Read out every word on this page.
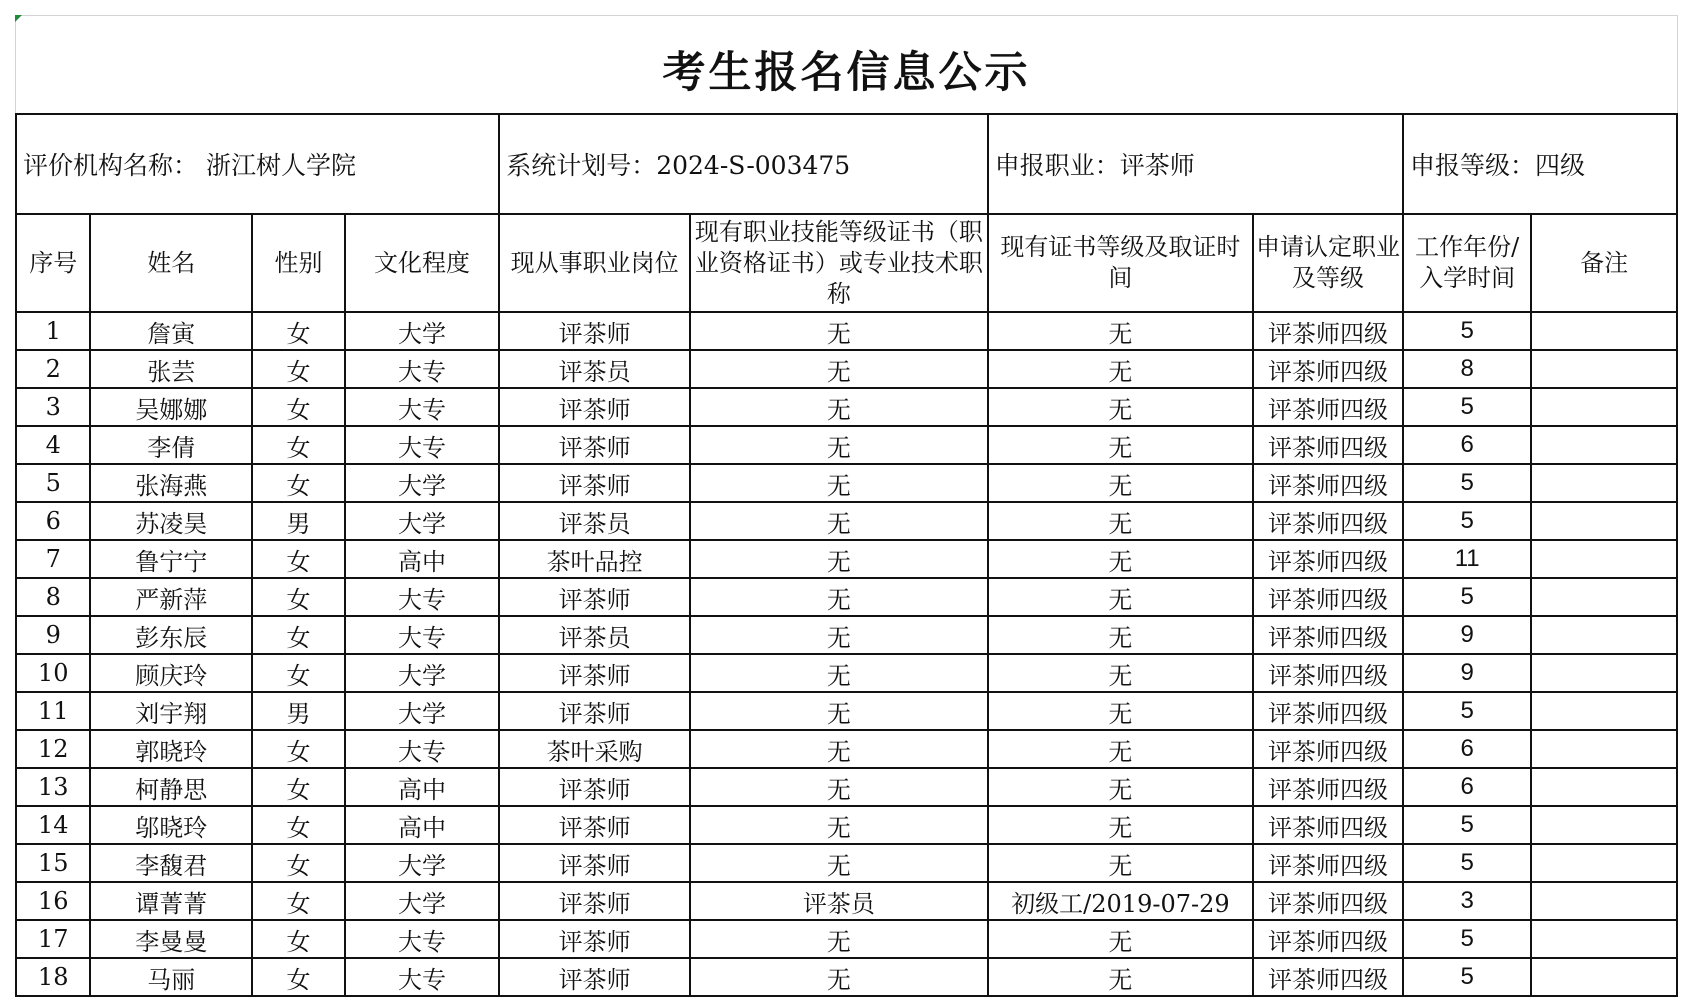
考生报名信息公示
评价机构名称： 浙江树人学院				系统计划号：2024-S-003475		申报职业：评茶师		申报等级：四级	
序号	姓名	性别	文化程度	现从事职业岗位	现有职业技能等级证书（职业资格证书）或专业技术职称	现有证书等级及取证时间	申请认定职业及等级	工作年份/入学时间	备注
1	詹寅	女	大学	评茶师	无	无	评茶师四级	5	
2	张芸	女	大专	评茶员	无	无	评茶师四级	8	
3	吴娜娜	女	大专	评茶师	无	无	评茶师四级	5	
4	李倩	女	大专	评茶师	无	无	评茶师四级	6	
5	张海燕	女	大学	评茶师	无	无	评茶师四级	5	
6	苏凌昊	男	大学	评茶员	无	无	评茶师四级	5	
7	鲁宁宁	女	高中	茶叶品控	无	无	评茶师四级	11	
8	严新萍	女	大专	评茶师	无	无	评茶师四级	5	
9	彭东辰	女	大专	评茶员	无	无	评茶师四级	9	
10	顾庆玲	女	大学	评茶师	无	无	评茶师四级	9	
11	刘宇翔	男	大学	评茶师	无	无	评茶师四级	5	
12	郭晓玲	女	大专	茶叶采购	无	无	评茶师四级	6	
13	柯静思	女	高中	评茶师	无	无	评茶师四级	6	
14	邬晓玲	女	高中	评茶师	无	无	评茶师四级	5	
15	李馥君	女	大学	评茶师	无	无	评茶师四级	5	
16	谭菁菁	女	大学	评茶师	评茶员	初级工/2019-07-29	评茶师四级	3	
17	李曼曼	女	大专	评茶师	无	无	评茶师四级	5	
18	马丽	女	大专	评茶师	无	无	评茶师四级	5	
